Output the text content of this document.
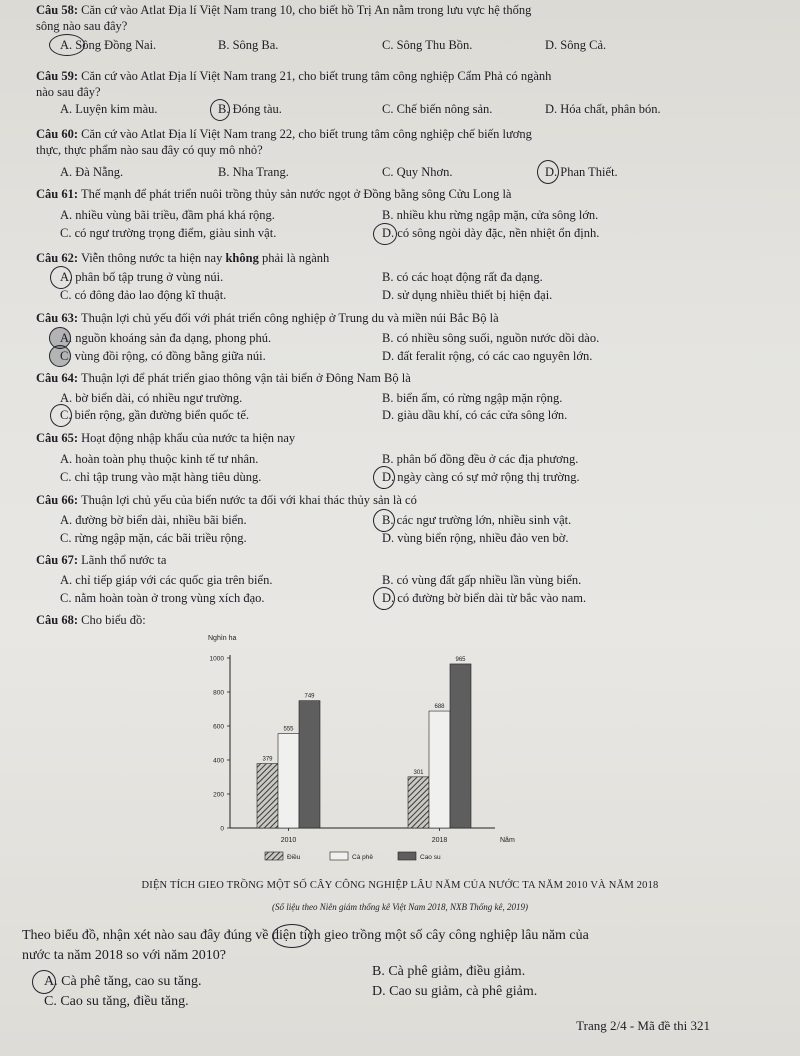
Câu 58: Căn cứ vào Atlat Địa lí Việt Nam trang 10, cho biết hồ Trị An nằm trong lưu vực hệ thống
sông nào sau đây?
A. Sông Đồng Nai.	B. Sông Ba.	C. Sông Thu Bồn.	D. Sông Cả.
Câu 59: Căn cứ vào Atlat Địa lí Việt Nam trang 21, cho biết trung tâm công nghiệp Cẩm Phả có ngành
nào sau đây?
A. Luyện kim màu.	B. Đóng tàu.	C. Chế biến nông sản.	D. Hóa chất, phân bón.
Câu 60: Căn cứ vào Atlat Địa lí Việt Nam trang 22, cho biết trung tâm công nghiệp chế biến lương
thực, thực phẩm nào sau đây có quy mô nhỏ?
A. Đà Nẵng.	B. Nha Trang.	C. Quy Nhơn.	D. Phan Thiết.
Câu 61: Thế mạnh để phát triển nuôi trồng thủy sản nước ngọt ở Đồng bằng sông Cửu Long là
A. nhiều vùng bãi triều, đầm phá khá rộng.	B. nhiều khu rừng ngập mặn, cửa sông lớn.
C. có ngư trường trọng điểm, giàu sinh vật.	D. có sông ngòi dày đặc, nền nhiệt ổn định.
Câu 62: Viễn thông nước ta hiện nay không phải là ngành
A. phân bố tập trung ở vùng núi.	B. có các hoạt động rất đa dạng.
C. có đông đảo lao động kĩ thuật.	D. sử dụng nhiều thiết bị hiện đại.
Câu 63: Thuận lợi chủ yếu đối với phát triển công nghiệp ở Trung du và miền núi Bắc Bộ là
A. nguồn khoáng sản đa dạng, phong phú.	B. có nhiều sông suối, nguồn nước dồi dào.
C. vùng đồi rộng, có đồng bằng giữa núi.	D. đất feralit rộng, có các cao nguyên lớn.
Câu 64: Thuận lợi để phát triển giao thông vận tải biển ở Đông Nam Bộ là
A. bờ biển dài, có nhiều ngư trường.	B. biển ấm, có rừng ngập mặn rộng.
C. biển rộng, gần đường biển quốc tế.	D. giàu dầu khí, có các cửa sông lớn.
Câu 65: Hoạt động nhập khẩu của nước ta hiện nay
A. hoàn toàn phụ thuộc kinh tế tư nhân.	B. phân bố đồng đều ở các địa phương.
C. chỉ tập trung vào mặt hàng tiêu dùng.	D. ngày càng có sự mở rộng thị trường.
Câu 66: Thuận lợi chủ yếu của biển nước ta đối với khai thác thủy sản là có
A. đường bờ biển dài, nhiều bãi biển.	B. các ngư trường lớn, nhiều sinh vật.
C. rừng ngập mặn, các bãi triều rộng.	D. vùng biển rộng, nhiều đảo ven bờ.
Câu 67: Lãnh thổ nước ta
A. chỉ tiếp giáp với các quốc gia trên biển.	B. có vùng đất gấp nhiều lần vùng biển.
C. nằm hoàn toàn ở trong vùng xích đạo.	D. có đường bờ biển dài từ bắc vào nam.
Câu 68: Cho biểu đồ:
Nghìn ha
0
200
400
600
800
1000
379
555
749
2010
301
688
965
2018	Năm
Điều	Cà phê	Cao su
DIỆN TÍCH GIEO TRỒNG MỘT SỐ CÂY CÔNG NGHIỆP LÂU NĂM CỦA NƯỚC TA NĂM 2010 VÀ NĂM 2018
(Số liệu theo Niên giám thống kê Việt Nam 2018, NXB Thống kê, 2019)
Theo biểu đồ, nhận xét nào sau đây đúng về diện tích gieo trồng một số cây công nghiệp lâu năm của
nước ta năm 2018 so với năm 2010?
A. Cà phê tăng, cao su tăng.
B. Cà phê giảm, điều giảm.
C. Cao su tăng, điều tăng.
D. Cao su giảm, cà phê giảm.
Trang 2/4 - Mã đề thi 321
